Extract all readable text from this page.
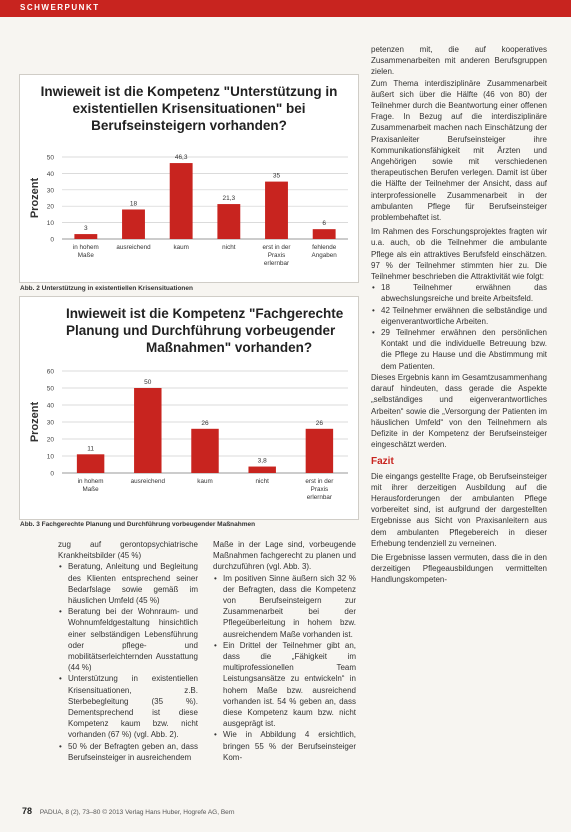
SCHWERPUNKT
Inwieweit ist die Kompetenz "Unterstützung in
existentiellen Krisensituationen" bei
Berufseinsteigern vorhanden?
0
10
20
30
40
50
Prozent
3
in hohem
Maße
18
ausreichend
46,3
kaum
21,3
nicht
35
erst in der
Praxis
erlernbar
6
fehlende
Angaben
Abb. 2 Unterstützung in existentiellen Krisensituationen
Inwieweit ist die Kompetenz "Fachgerechte
Planung und Durchführung vorbeugender
Maßnahmen" vorhanden?
0
10
20
30
40
50
60
Prozent
11
in hohem
Maße
50
ausreichend
26
kaum
3,8
nicht
26
erst in der
Praxis
erlernbar
Abb. 3 Fachgerechte Planung und Durchführung vorbeugender Maßnahmen

petenzen mit, die auf kooperatives Zusammenarbeiten mit anderen Berufsgruppen zielen.

Zum Thema interdisziplinäre Zusammenarbeit äußert sich über die Hälfte (46 von 80) der Teilnehmer durch die Beantwortung einer offenen Frage. In Bezug auf die interdisziplinäre Zusammenarbeit machen nach Einschätzung der Praxisanleiter Berufseinsteiger ihre Kommunikationsfähigkeit mit Ärzten und Angehörigen sowie mit verschiedenen therapeutischen Berufen verlegen. Damit ist über die Hälfte der Teilnehmer der Ansicht, dass auf interprofessionelle Zusammenarbeit in der ambulanten Pflege für Berufseinsteiger problembehaftet ist.

Im Rahmen des Forschungsprojektes fragten wir u.a. auch, ob die Teilnehmer die ambulante Pflege als ein attraktives Berufsfeld einschätzen. 97 % der Teilnehmer stimmten hier zu. Die Teilnehmer beschrieben die Attraktivität wie folgt:

• 18 Teilnehmer erwähnen das abwechslungsreiche und breite Arbeitsfeld.
• 42 Teilnehmer erwähnen die selbständige und eigenverantwortliche Arbeiten.
• 29 Teilnehmer erwähnen den persönlichen Kontakt und die individuelle Betreuung bzw. die Pflege zu Hause und die Abstimmung mit dem Patienten.

Dieses Ergebnis kann im Gesamtzusammenhang darauf hindeuten, dass gerade die Aspekte „selbständiges und eigenverantwortliches Arbeiten“ sowie die „Versorgung der Patienten im häuslichen Umfeld“ von den Teilnehmern als Defizite in der Kompetenz der Berufseinsteiger eingeschätzt werden.

Fazit

Die eingangs gestellte Frage, ob Berufseinsteiger mit ihrer derzeitigen Ausbildung auf die Herausforderungen der ambulanten Pflege vorbereitet sind, ist aufgrund der dargestellten Ergebnisse aus Sicht von Praxisanleitern aus dem ambulanten Pflegebereich in dieser Erhebung tendenziell zu verneinen.

Die Ergebnisse lassen vermuten, dass die in den derzeitigen Pflegeausbildungen vermittelten Handlungskompeten-

zug auf gerontopsychiatrische Krankheitsbilder (45 %)

• Beratung, Anleitung und Begleitung des Klienten entsprechend seiner Bedarfslage sowie gemäß im häuslichen Umfeld (45 %)
• Beratung bei der Wohnraum- und Wohnumfeldgestaltung hinsichtlich einer selbständigen Lebensführung oder pflege- und mobilitätserleichternden Ausstattung (44 %)
• Unterstützung in existentiellen Krisensituationen, z.B. Sterbebegleitung (35 %). Dementsprechend ist diese Kompetenz kaum bzw. nicht vorhanden (67 %) (vgl. Abb. 2).
• 50 % der Befragten geben an, dass Berufseinsteiger in ausreichendem

Maße in der Lage sind, vorbeugende Maßnahmen fachgerecht zu planen und durchzuführen (vgl. Abb. 3).

• Im positiven Sinne äußern sich 32 % der Befragten, dass die Kompetenz von Berufseinsteigern zur Zusammenarbeit bei der Pflegeüberleitung in hohem bzw. ausreichendem Maße vorhanden ist.
• Ein Drittel der Teilnehmer gibt an, dass die „Fähigkeit im multiprofessionellen Team Leistungsansätze zu entwickeln“ in hohem Maße bzw. ausreichend vorhanden ist. 54 % geben an, dass diese Kompetenz kaum bzw. nicht ausgeprägt ist.
• Wie in Abbildung 4 ersichtlich, bringen 55 % der Berufseinsteiger Kom-
78 PADUA, 8 (2), 73–80 © 2013 Verlag Hans Huber, Hogrefe AG, Bern
